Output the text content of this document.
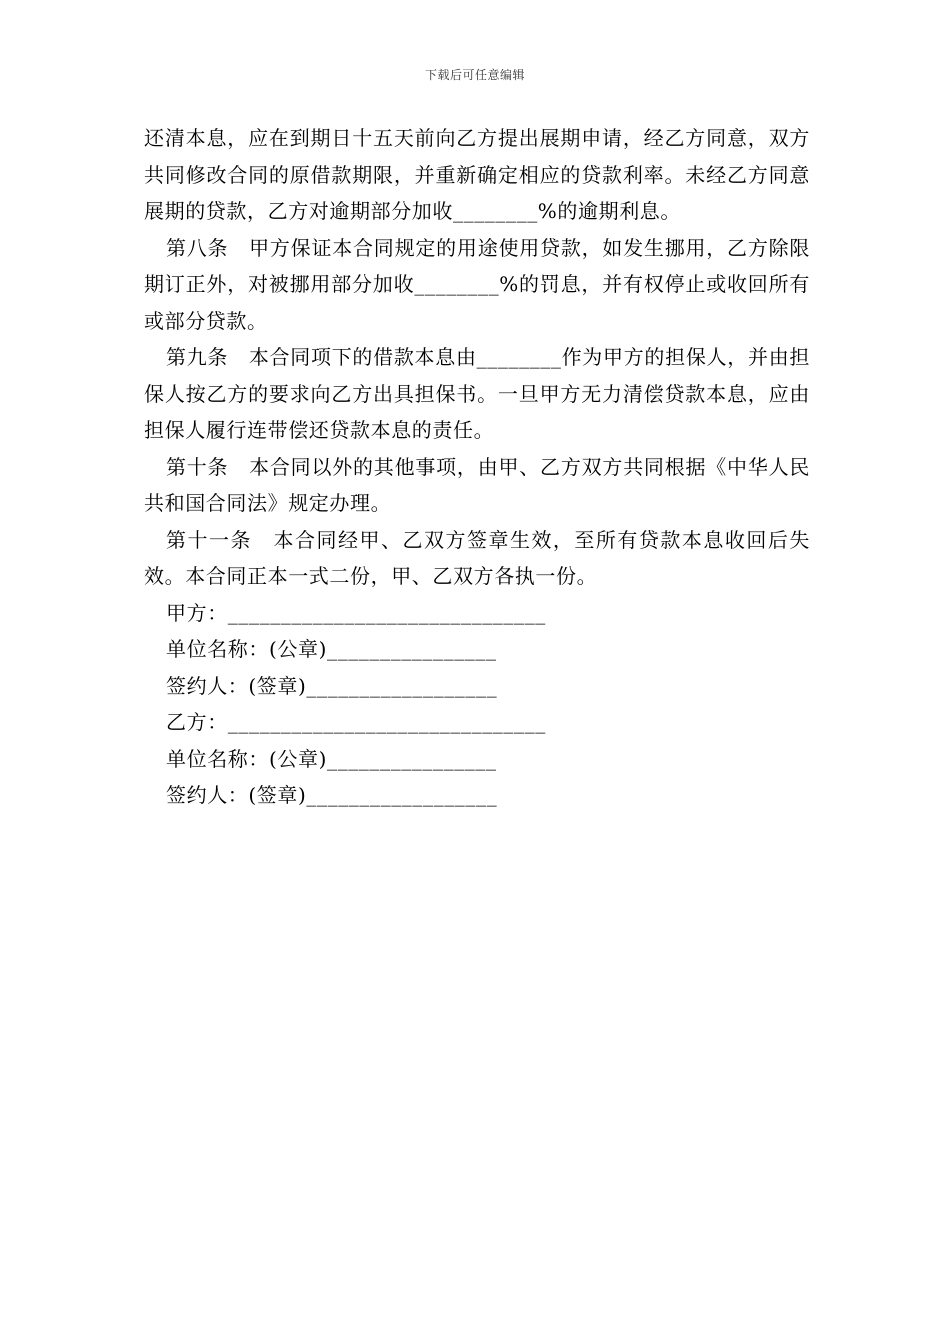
下载后可任意编辑

还清本息，应在到期日十五天前向乙方提出展期申请，经乙方同意，双方共同修改合同的原借款期限，并重新确定相应的贷款利率。未经乙方同意展期的贷款，乙方对逾期部分加收________%的逾期利息。

第八条　甲方保证本合同规定的用途使用贷款，如发生挪用，乙方除限期订正外，对被挪用部分加收________%的罚息，并有权停止或收回所有或部分贷款。

第九条　本合同项下的借款本息由________作为甲方的担保人，并由担保人按乙方的要求向乙方出具担保书。一旦甲方无力清偿贷款本息，应由担保人履行连带偿还贷款本息的责任。

第十条　本合同以外的其他事项，由甲、乙方双方共同根据《中华人民共和国合同法》规定办理。

第十一条　本合同经甲、乙双方签章生效，至所有贷款本息收回后失效。本合同正本一式二份，甲、乙双方各执一份。

甲方：______________________________

单位名称：(公章)________________

签约人：(签章)__________________

乙方：______________________________

单位名称：(公章)________________

签约人：(签章)__________________
